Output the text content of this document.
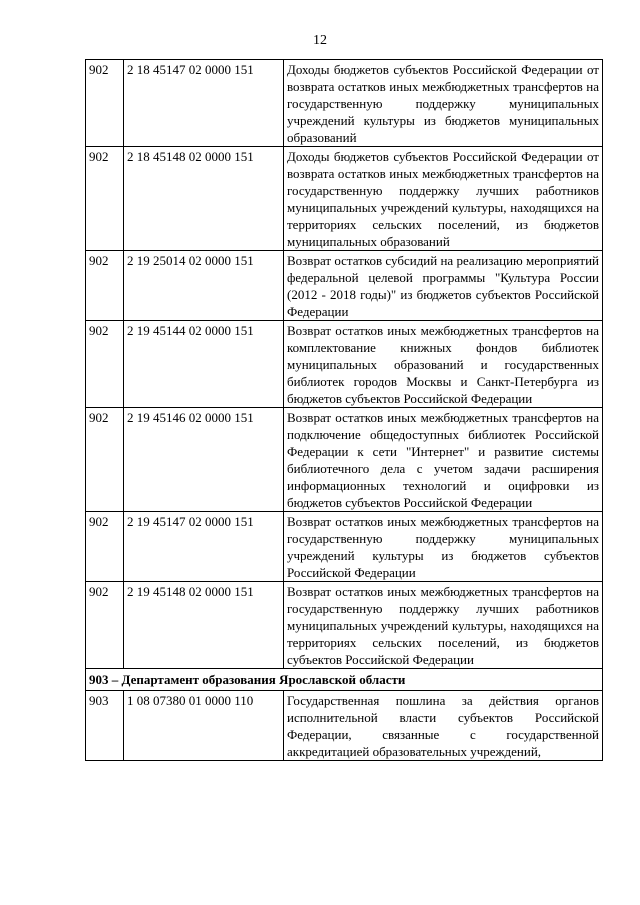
12
902	2 18 45147 02 0000 151	Доходы бюджетов субъектов Российской Федерации от возврата остатков иных межбюджетных трансфертов на государственную поддержку муниципальных учреждений культуры из бюджетов муниципальных образований
902	2 18 45148 02 0000 151	Доходы бюджетов субъектов Российской Федерации от возврата остатков иных межбюджетных трансфертов на государственную поддержку лучших работников муниципальных учреждений культуры, находящихся на территориях сельских поселений, из бюджетов муниципальных образований
902	2 19 25014 02 0000 151	Возврат остатков субсидий на реализацию мероприятий федеральной целевой программы "Культура России (2012 - 2018 годы)" из бюджетов субъектов Российской Федерации
902	2 19 45144 02 0000 151	Возврат остатков иных межбюджетных трансфертов на комплектование книжных фондов библиотек муниципальных образований и государственных библиотек городов Москвы и Санкт-Петербурга из бюджетов субъектов Российской Федерации
902	2 19 45146 02 0000 151	Возврат остатков иных межбюджетных трансфертов на подключение общедоступных библиотек Российской Федерации к сети "Интернет" и развитие системы библиотечного дела с учетом задачи расширения информационных технологий и оцифровки из бюджетов субъектов Российской Федерации
902	2 19 45147 02 0000 151	Возврат остатков иных межбюджетных трансфертов на государственную поддержку муниципальных учреждений культуры из бюджетов субъектов Российской Федерации
902	2 19 45148 02 0000 151	Возврат остатков иных межбюджетных трансфертов на государственную поддержку лучших работников муниципальных учреждений культуры, находящихся на территориях сельских поселений, из бюджетов субъектов Российской Федерации
903 – Департамент образования Ярославской области		
903	1 08 07380 01 0000 110	Государственная пошлина за действия органов исполнительной власти субъектов Российской Федерации, связанные с государственной аккредитацией образовательных учреждений,
